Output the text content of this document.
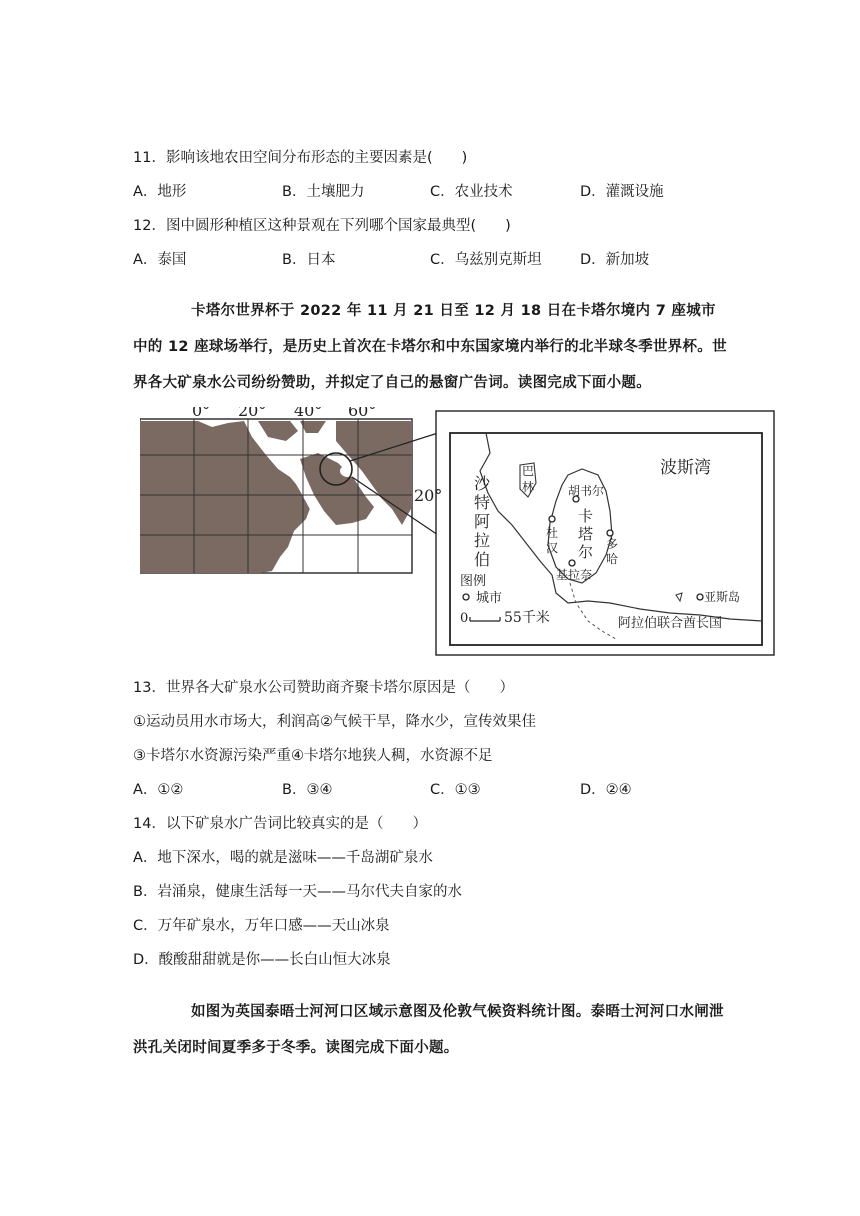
11．影响该地农田空间分布形态的主要因素是(　　)
A．地形	B．土壤肥力	C．农业技术	D．灌溉设施
12．图中圆形种植区这种景观在下列哪个国家最典型(　　)
A．泰国	B．日本	C．乌兹别克斯坦	D．新加坡
卡塔尔世界杯于 2022 年 11 月 21 日至 12 月 18 日在卡塔尔境内 7 座城市中的 12 座球场举行，是历史上首次在卡塔尔和中东国家境内举行的北半球冬季世界杯。世界各大矿泉水公司纷纷赞助，并拟定了自己的悬窗广告词。读图完成下面小题。
0° 20° 40° 60°
20°
波斯湾
沙
特
阿
拉
伯
巴
林	胡书尔
卡
塔
尔
杜
汉	多
哈
基拉奈
亚斯岛
阿拉伯联合酋长国
图例
城市
0	55千米
13．世界各大矿泉水公司赞助商齐聚卡塔尔原因是（　　）
①运动员用水市场大，利润高②气候干旱，降水少，宣传效果佳
③卡塔尔水资源污染严重④卡塔尔地狭人稠，水资源不足
A．①②	B．③④	C．①③	D．②④
14．以下矿泉水广告词比较真实的是（　　）
A．地下深水，喝的就是滋味——千岛湖矿泉水
B．岩涌泉，健康生活每一天——马尔代夫自家的水
C．万年矿泉水，万年口感——天山冰泉
D．酸酸甜甜就是你——长白山恒大冰泉
如图为英国泰晤士河河口区域示意图及伦敦气候资料统计图。泰晤士河河口水闸泄洪孔关闭时间夏季多于冬季。读图完成下面小题。
